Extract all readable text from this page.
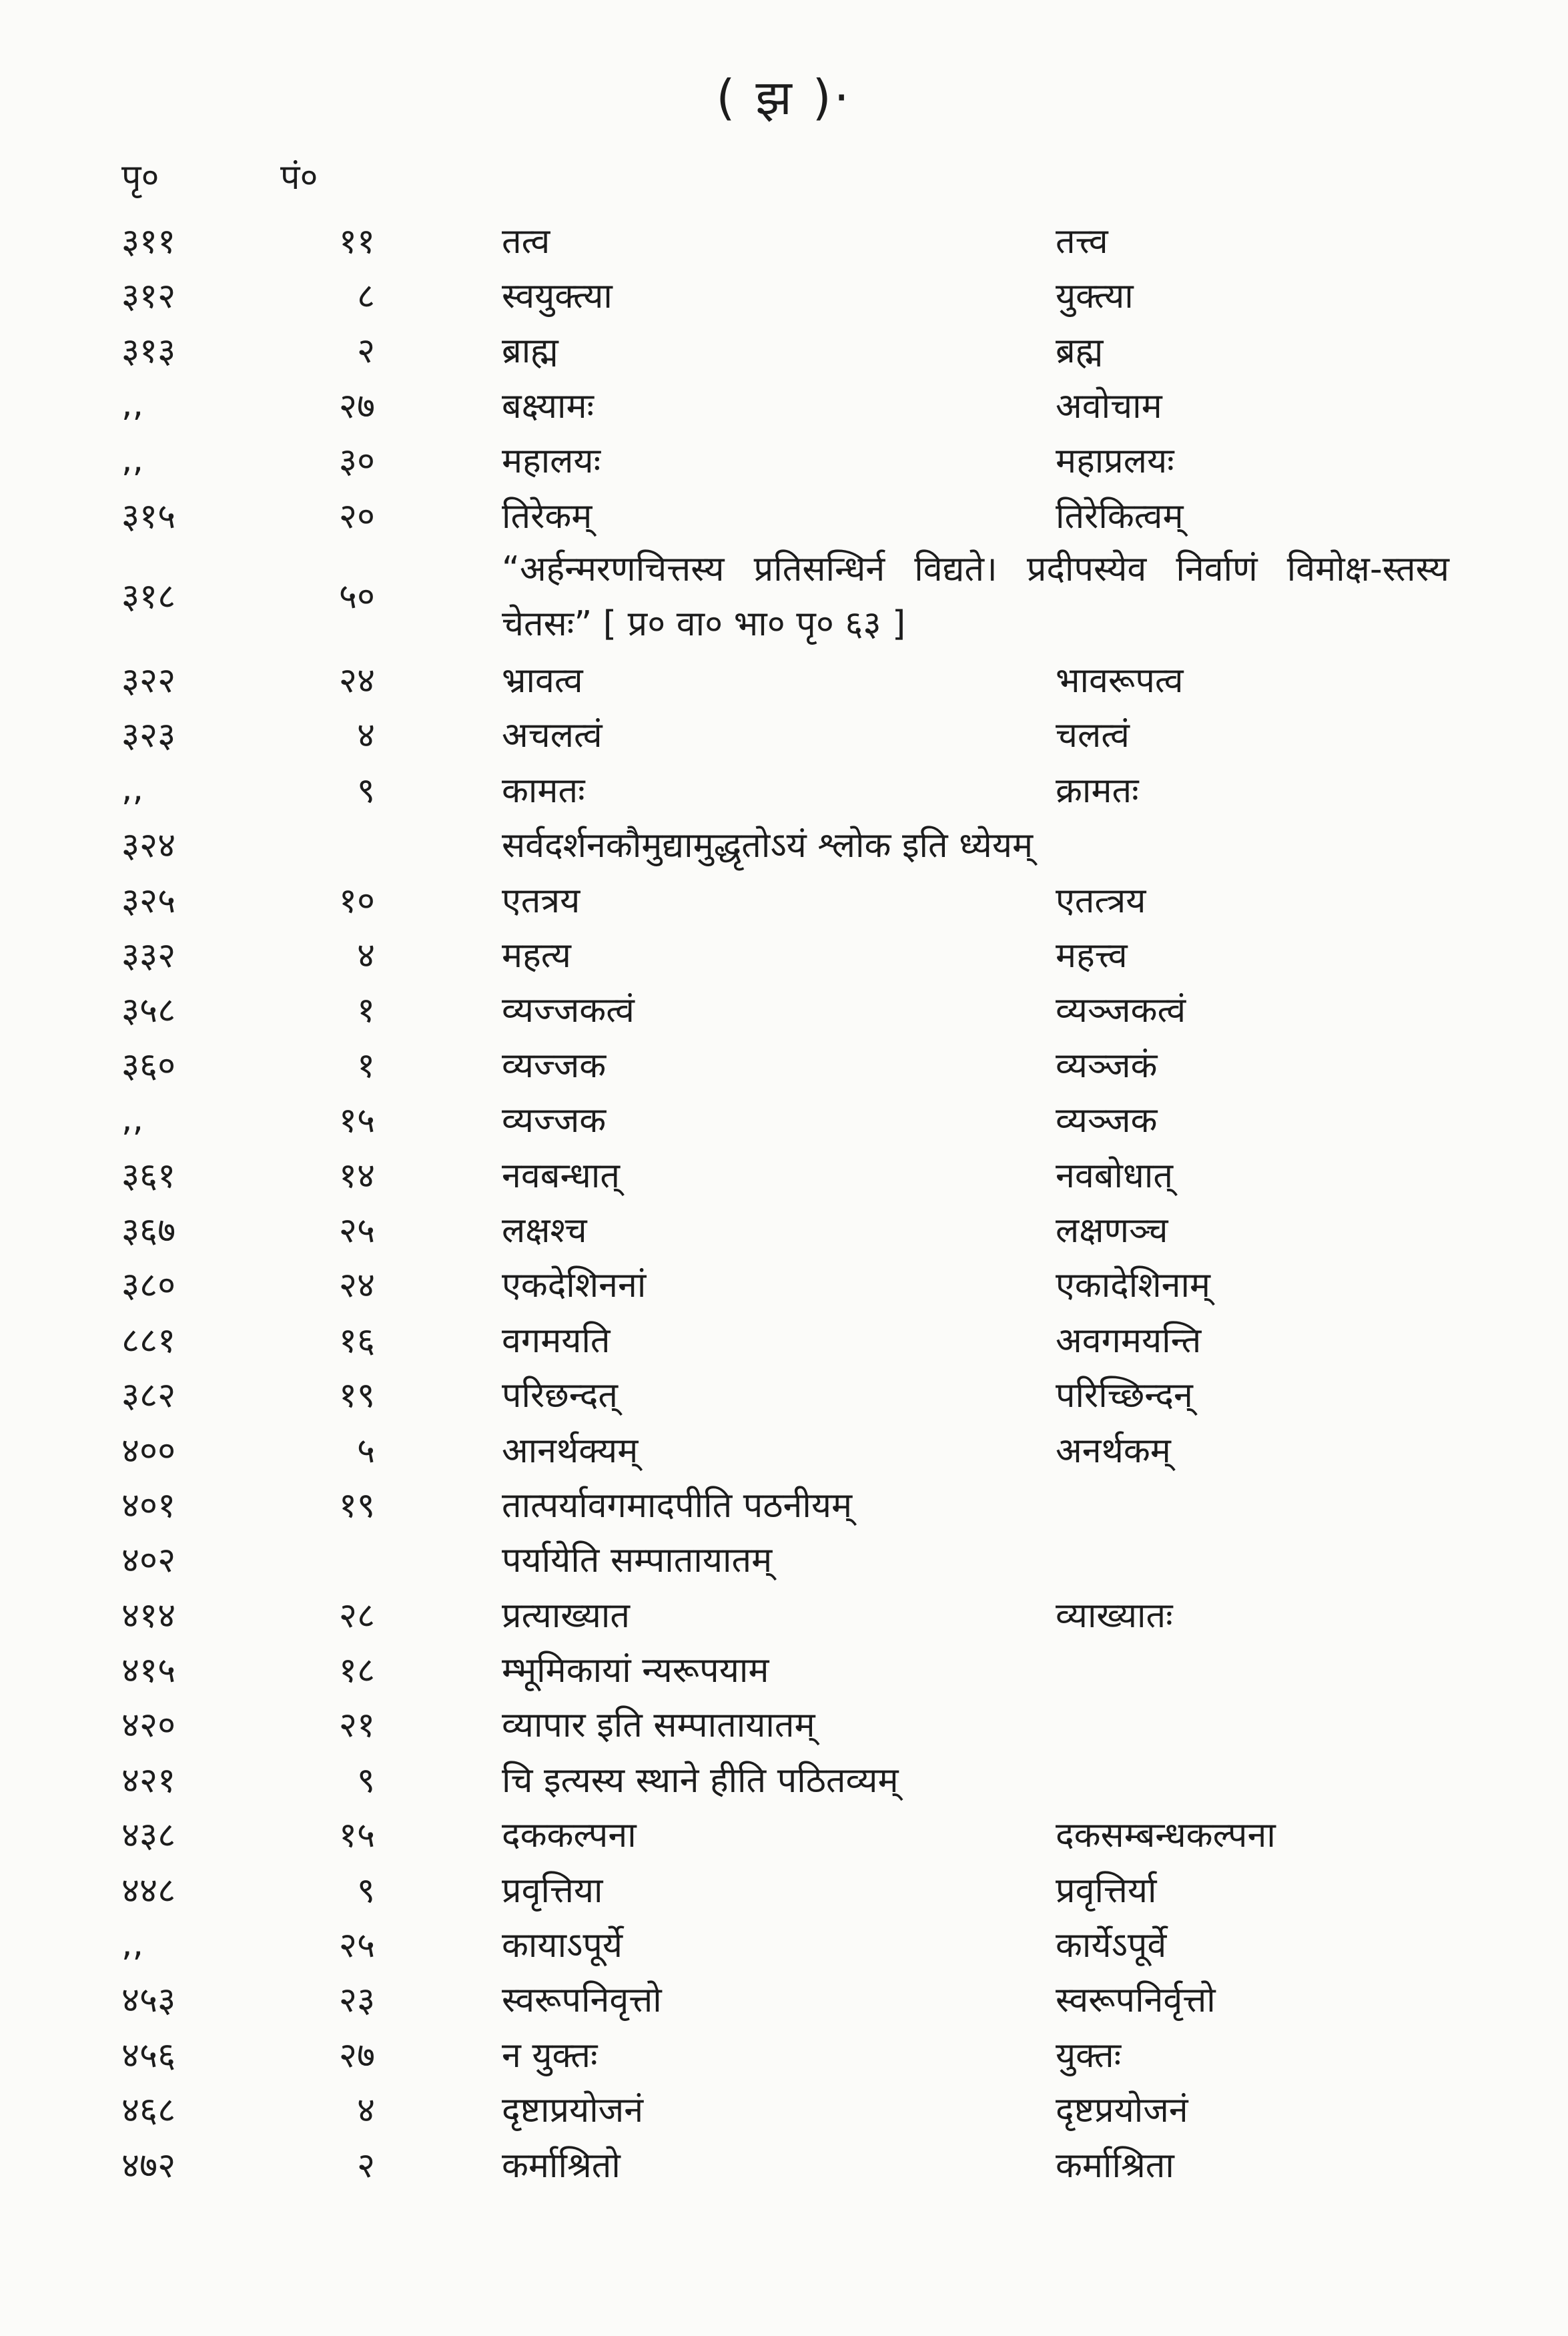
( झ )·
पृ०	पं०
३११	११	तत्व	तत्त्व
३१२	८	स्वयुक्त्या	युक्त्या
३१३	२	ब्राह्म	ब्रह्म
,,	२७	बक्ष्यामः	अवोचाम
,,	३०	महालयः	महाप्रलयः
३१५	२०	तिरेकम्	तिरेकित्वम्
३१८	५०	“अर्हन्मरणचित्तस्य प्रतिसन्धिर्न विद्यते। प्रदीपस्येव निर्वाणं विमोक्ष-स्तस्य चेतसः” [ प्र० वा० भा० पृ० ६३ ]	

३२२	२४	भ्रावत्व	भावरूपत्व
३२३	४	अचलत्वं	चलत्वं
,,	९	कामतः	क्रामतः
३२४		सर्वदर्शनकौमुद्यामुद्धृतोऽयं श्लोक इति ध्येयम्	
३२५	१०	एतत्रय	एतत्त्रय
३३२	४	महत्य	महत्त्व
३५८	१	व्यज्जकत्वं	व्यञ्जकत्वं
३६०	१	व्यज्जक	व्यञ्जकं
,,	१५	व्यज्जक	व्यञ्जक
३६१	१४	नवबन्धात्	नवबोधात्
३६७	२५	लक्षश्च	लक्षणञ्च
३८०	२४	एकदेशिननां	एकादेशिनाम्
८८१	१६	वगमयति	अवगमयन्ति
३८२	१९	परिछन्दत्	परिच्छिन्दन्
४००	५	आनर्थक्यम्	अनर्थकम्
४०१	१९	तात्पर्यावगमादपीति पठनीयम्	
४०२		पर्यायेति सम्पातायातम्	
४१४	२८	प्रत्याख्यात	व्याख्यातः
४१५	१८	म्भूमिकायां न्यरूपयाम	
४२०	२१	व्यापार इति सम्पातायातम्	
४२१	९	चि इत्यस्य स्थाने हीति पठितव्यम्	
४३८	१५	दककल्पना	दकसम्बन्धकल्पना
४४८	९	प्रवृत्तिया	प्रवृत्तिर्या
,,	२५	कायाऽपूर्ये	कार्येऽपूर्वे
४५३	२३	स्वरूपनिवृत्तो	स्वरूपनिर्वृत्तो
४५६	२७	न युक्तः	युक्तः
४६८	४	दृष्टाप्रयोजनं	दृष्टप्रयोजनं
४७२	२	कर्माश्रितो	कर्माश्रिता
